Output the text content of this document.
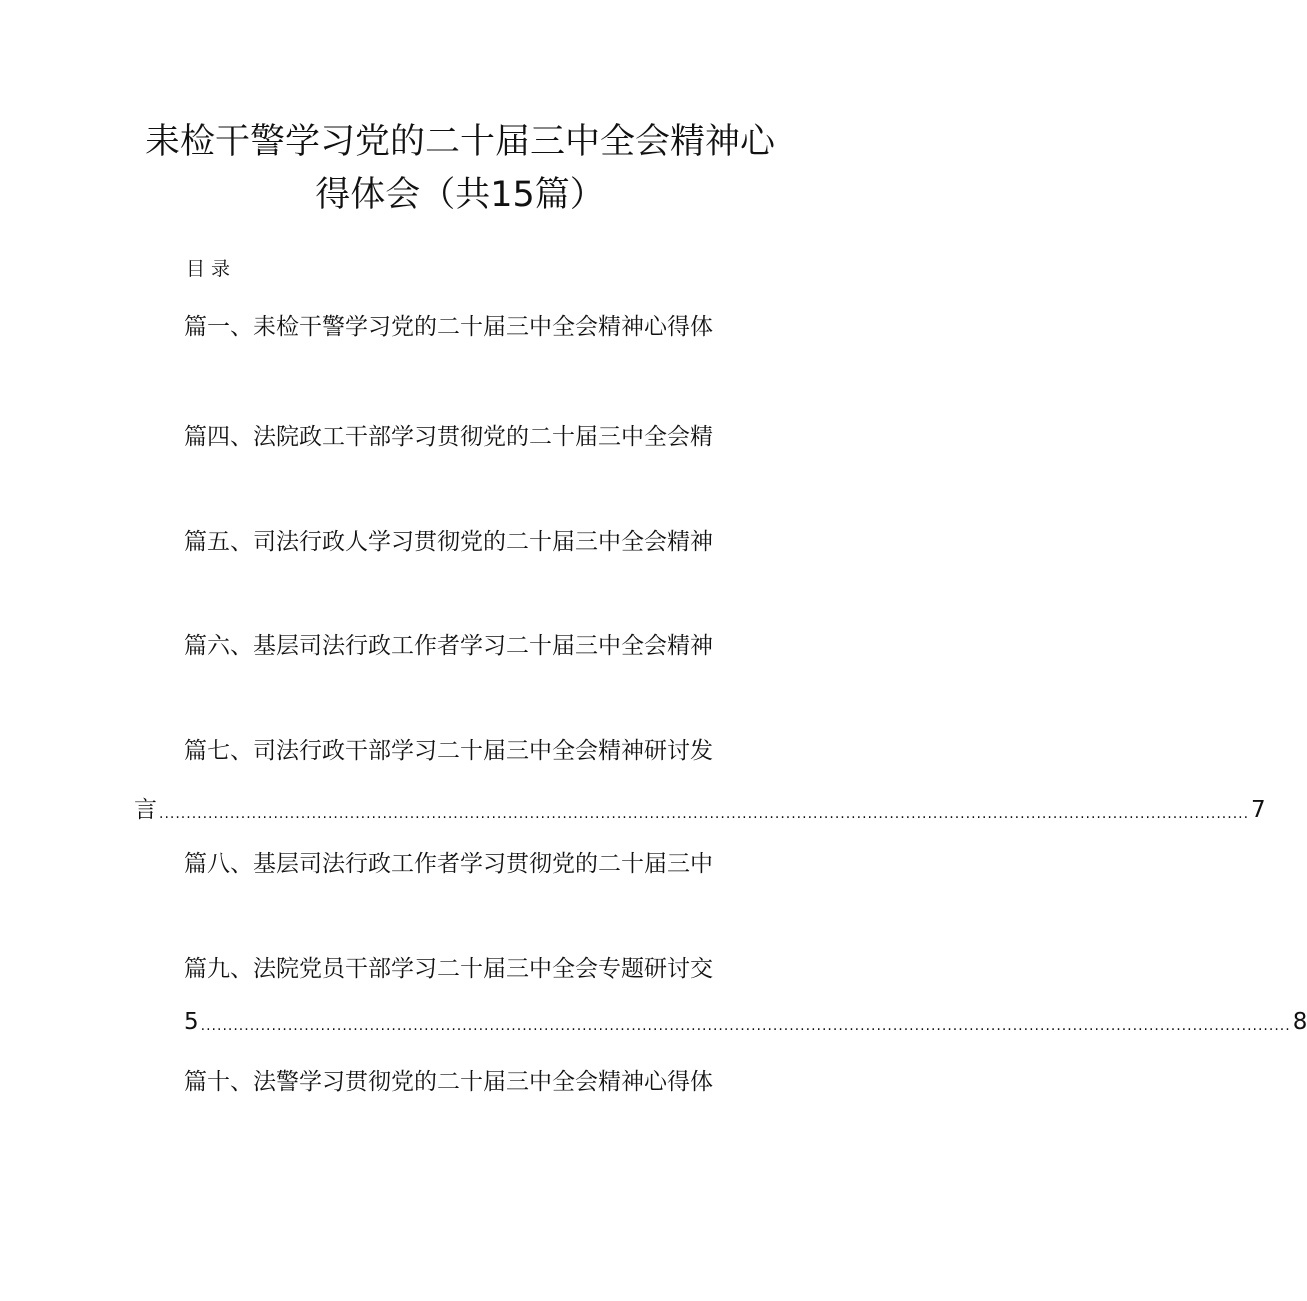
耒检干警学习党的二十届三中全会精神心
得体会（共15篇）
目录
篇一、耒检干警学习党的二十届三中全会精神心得体
篇四、法院政工干部学习贯彻党的二十届三中全会精
篇五、司法行政人学习贯彻党的二十届三中全会精神
篇六、基层司法行政工作者学习二十届三中全会精神
篇七、司法行政干部学习二十届三中全会精神研讨发
言 ........................................................................................................................................................................................................ 7
篇八、基层司法行政工作者学习贯彻党的二十届三中
篇九、法院党员干部学习二十届三中全会专题研讨交
5 ........................................................................................................................................................................................................ 8
篇十、法警学习贯彻党的二十届三中全会精神心得体
